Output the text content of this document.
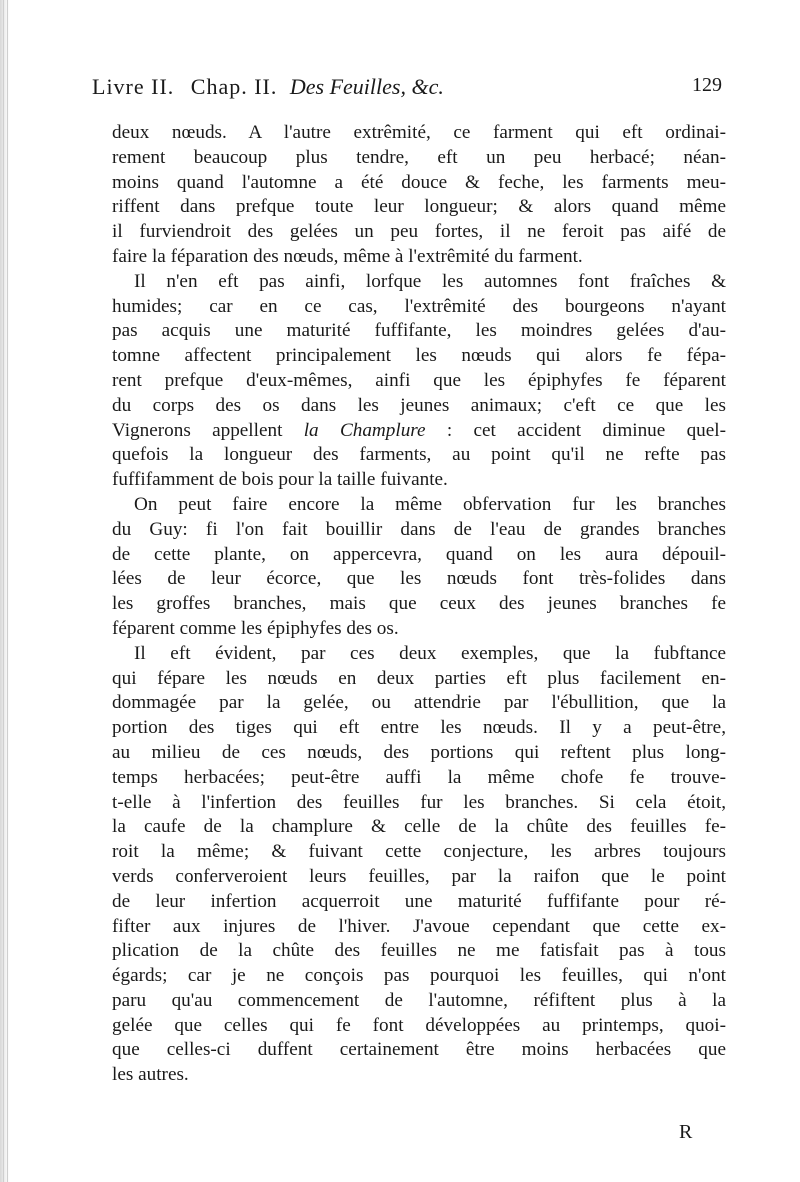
Livre II. Chap. II. Des Feuilles, &c.	129
deux nœuds. A l'autre extrêmité, ce farment qui eft ordinai-
rement beaucoup plus tendre, eft un peu herbacé; néan-
moins quand l'automne a été douce & feche, les farments meu-
riffent dans prefque toute leur longueur; & alors quand même
il furviendroit des gelées un peu fortes, il ne feroit pas aifé de
faire la féparation des nœuds, même à l'extrêmité du farment.
Il n'en eft pas ainfi, lorfque les automnes font fraîches &
humides; car en ce cas, l'extrêmité des bourgeons n'ayant
pas acquis une maturité fuffifante, les moindres gelées d'au-
tomne affectent principalement les nœuds qui alors fe fépa-
rent prefque d'eux-mêmes, ainfi que les épiphyfes fe féparent
du corps des os dans les jeunes animaux; c'eft ce que les
Vignerons appellent la Champlure : cet accident diminue quel-
quefois la longueur des farments, au point qu'il ne refte pas
fuffifamment de bois pour la taille fuivante.
On peut faire encore la même obfervation fur les branches
du Guy: fi l'on fait bouillir dans de l'eau de grandes branches
de cette plante, on appercevra, quand on les aura dépouil-
lées de leur écorce, que les nœuds font très-folides dans
les groffes branches, mais que ceux des jeunes branches fe
féparent comme les épiphyfes des os.
Il eft évident, par ces deux exemples, que la fubftance
qui fépare les nœuds en deux parties eft plus facilement en-
dommagée par la gelée, ou attendrie par l'ébullition, que la
portion des tiges qui eft entre les nœuds. Il y a peut-être,
au milieu de ces nœuds, des portions qui reftent plus long-
temps herbacées; peut-être auffi la même chofe fe trouve-
t-elle à l'infertion des feuilles fur les branches. Si cela étoit,
la caufe de la champlure & celle de la chûte des feuilles fe-
roit la même; & fuivant cette conjecture, les arbres toujours
verds conferveroient leurs feuilles, par la raifon que le point
de leur infertion acquerroit une maturité fuffifante pour ré-
fifter aux injures de l'hiver. J'avoue cependant que cette ex-
plication de la chûte des feuilles ne me fatisfait pas à tous
égards; car je ne conçois pas pourquoi les feuilles, qui n'ont
paru qu'au commencement de l'automne, réfiftent plus à la
gelée que celles qui fe font développées au printemps, quoi-
que celles-ci duffent certainement être moins herbacées que
les autres.
R
